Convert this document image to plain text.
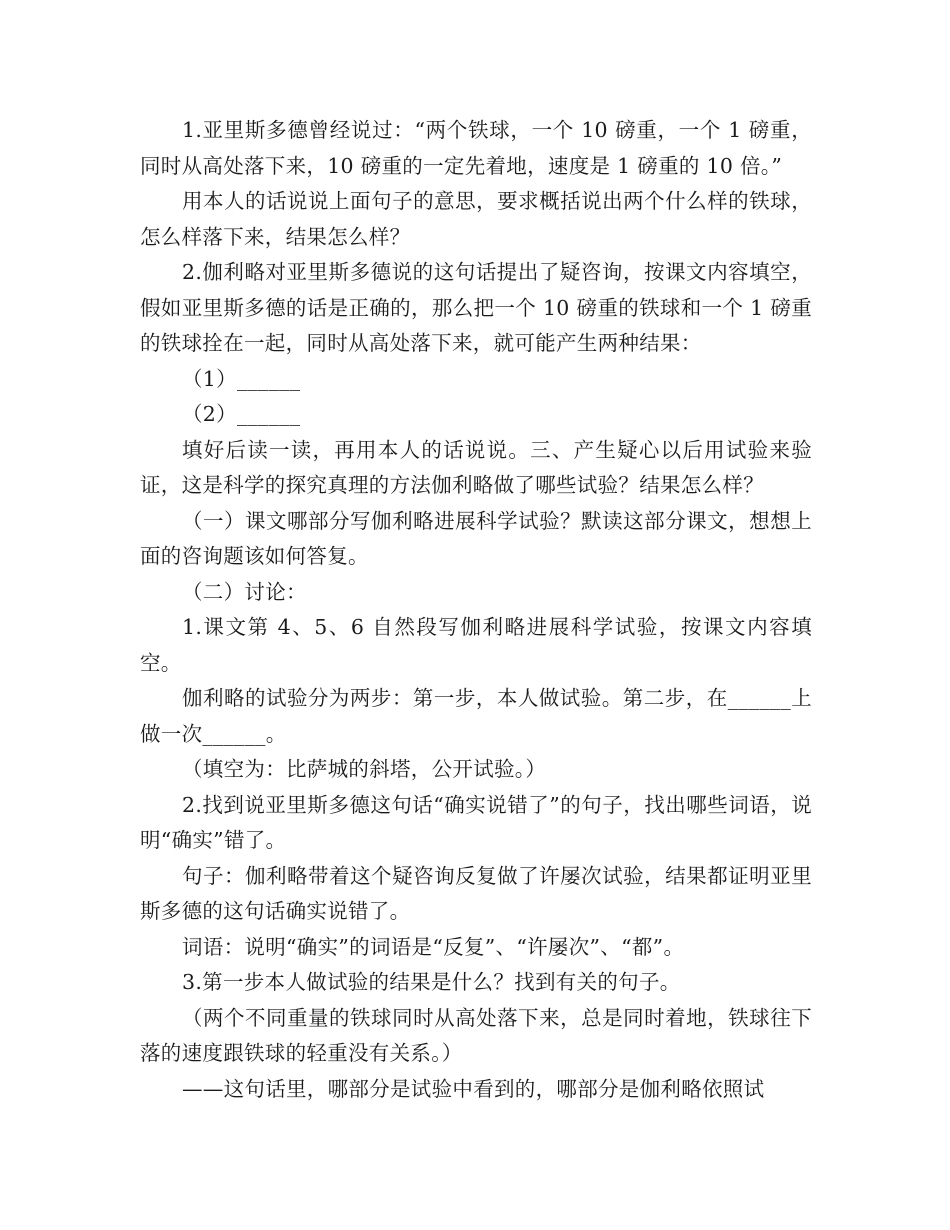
1.亚里斯多德曾经说过：“两个铁球，一个 10 磅重，一个 1 磅重，同时从高处落下来，10 磅重的一定先着地，速度是 1 磅重的 10 倍。”

用本人的话说说上面句子的意思，要求概括说出两个什么样的铁球，怎么样落下来，结果怎么样？

2.伽利略对亚里斯多德说的这句话提出了疑咨询，按课文内容填空，假如亚里斯多德的话是正确的，那么把一个 10 磅重的铁球和一个 1 磅重的铁球拴在一起，同时从高处落下来，就可能产生两种结果：

（1）______

（2）______

填好后读一读，再用本人的话说说。三、产生疑心以后用试验来验证，这是科学的探究真理的方法伽利略做了哪些试验？结果怎么样？

（一）课文哪部分写伽利略进展科学试验？默读这部分课文，想想上面的咨询题该如何答复。

（二）讨论：

1.课文第 4、5、6 自然段写伽利略进展科学试验，按课文内容填空。

伽利略的试验分为两步：第一步，本人做试验。第二步，在______上做一次______。

（填空为：比萨城的斜塔，公开试验。）

2.找到说亚里斯多德这句话“确实说错了”的句子，找出哪些词语，说明“确实”错了。

句子：伽利略带着这个疑咨询反复做了许屡次试验，结果都证明亚里斯多德的这句话确实说错了。

词语：说明“确实”的词语是“反复”、“许屡次”、“都”。

3.第一步本人做试验的结果是什么？找到有关的句子。

（两个不同重量的铁球同时从高处落下来，总是同时着地，铁球往下落的速度跟铁球的轻重没有关系。）

——这句话里，哪部分是试验中看到的，哪部分是伽利略依照试
